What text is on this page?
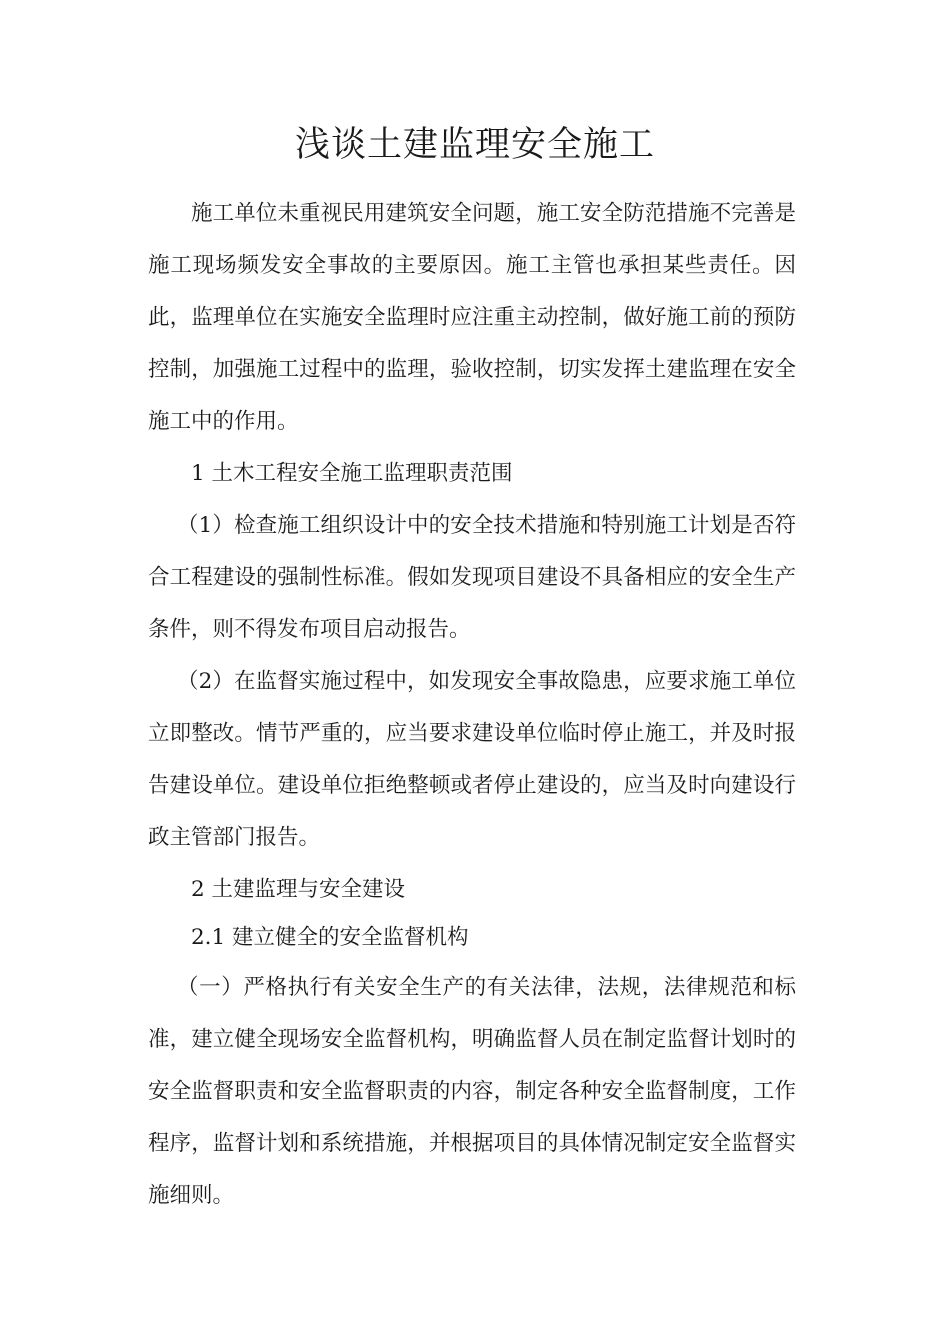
浅谈土建监理安全施工

施工单位未重视民用建筑安全问题，施工安全防范措施不完善是施工现场频发安全事故的主要原因。施工主管也承担某些责任。因此，监理单位在实施安全监理时应注重主动控制，做好施工前的预防控制，加强施工过程中的监理，验收控制，切实发挥土建监理在安全施工中的作用。

1 土木工程安全施工监理职责范围

（1）检查施工组织设计中的安全技术措施和特别施工计划是否符合工程建设的强制性标准。假如发现项目建设不具备相应的安全生产条件，则不得发布项目启动报告。

（2）在监督实施过程中，如发现安全事故隐患，应要求施工单位立即整改。情节严重的，应当要求建设单位临时停止施工，并及时报告建设单位。建设单位拒绝整顿或者停止建设的，应当及时向建设行政主管部门报告。

2 土建监理与安全建设

2.1 建立健全的安全监督机构

（一）严格执行有关安全生产的有关法律，法规，法律规范和标准，建立健全现场安全监督机构，明确监督人员在制定监督计划时的安全监督职责和安全监督职责的内容，制定各种安全监督制度，工作程序，监督计划和系统措施，并根据项目的具体情况制定安全监督实施细则。
